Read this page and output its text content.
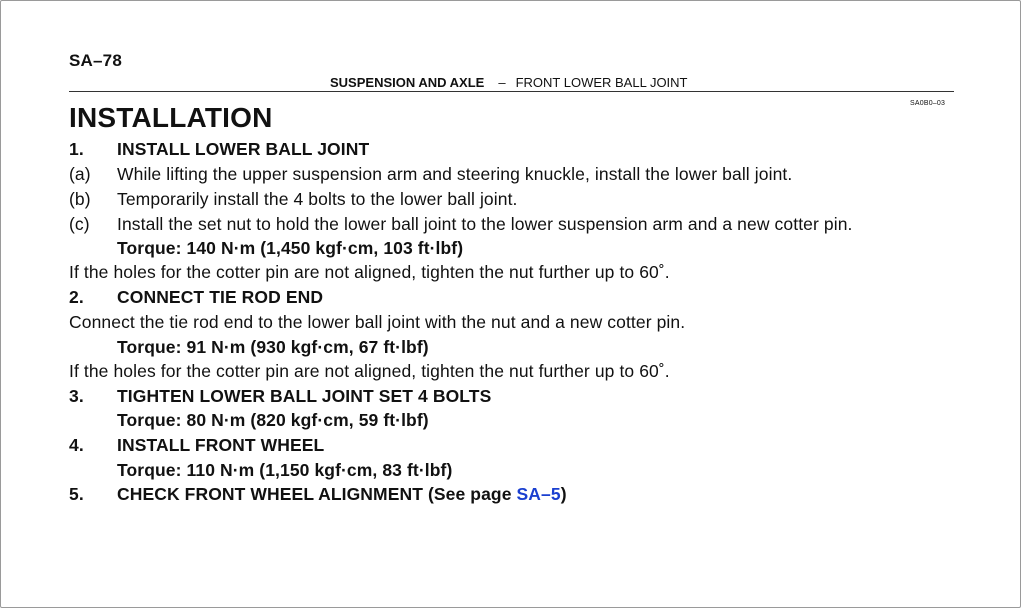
SA–78
SUSPENSION AND AXLE – FRONT LOWER BALL JOINT
SA0B0–03
INSTALLATION
1. INSTALL LOWER BALL JOINT
(a) While lifting the upper suspension arm and steering knuckle, install the lower ball joint.
(b) Temporarily install the 4 bolts to the lower ball joint.
(c) Install the set nut to hold the lower ball joint to the lower suspension arm and a new cotter pin.
Torque: 140 N·m (1,450 kgf·cm, 103 ft·lbf)
If the holes for the cotter pin are not aligned, tighten the nut further up to 60˚.
2. CONNECT TIE ROD END
Connect the tie rod end to the lower ball joint with the nut and a new cotter pin.
Torque: 91 N·m (930 kgf·cm, 67 ft·lbf)
If the holes for the cotter pin are not aligned, tighten the nut further up to 60˚.
3. TIGHTEN LOWER BALL JOINT SET 4 BOLTS
Torque: 80 N·m (820 kgf·cm, 59 ft·lbf)
4. INSTALL FRONT WHEEL
Torque: 110 N·m (1,150 kgf·cm, 83 ft·lbf)
5. CHECK FRONT WHEEL ALIGNMENT (See page SA–5)
